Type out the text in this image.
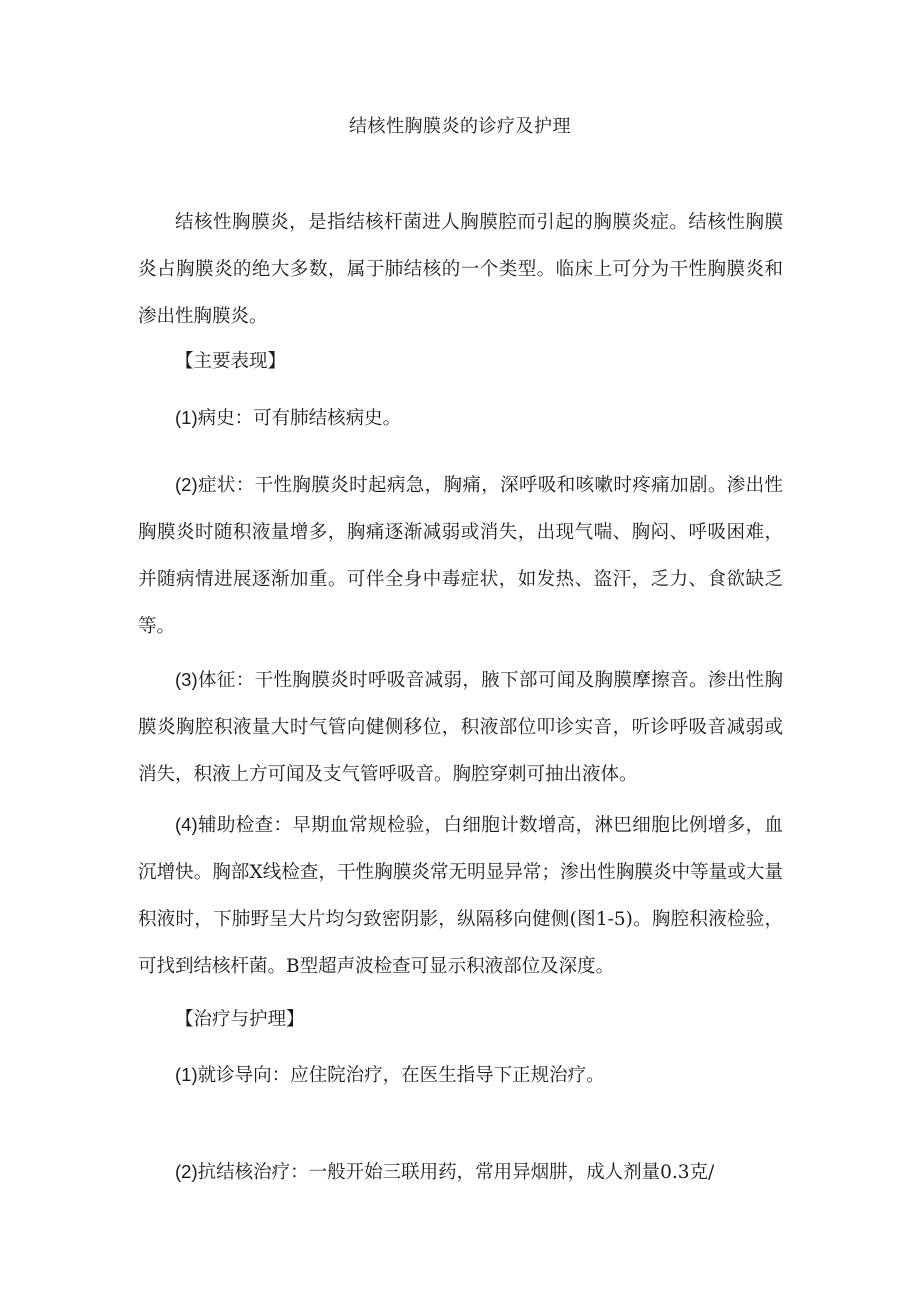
结核性胸膜炎的诊疗及护理

结核性胸膜炎，是指结核杆菌进人胸膜腔而引起的胸膜炎症。结核性胸膜炎占胸膜炎的绝大多数，属于肺结核的一个类型。临床上可分为干性胸膜炎和渗出性胸膜炎。

【主要表现】

(1)病史：可有肺结核病史。

(2)症状：干性胸膜炎时起病急，胸痛，深呼吸和咳嗽时疼痛加剧。渗出性胸膜炎时随积液量增多，胸痛逐渐减弱或消失，出现气喘、胸闷、呼吸困难，并随病情进展逐渐加重。可伴全身中毒症状，如发热、盗汗，乏力、食欲缺乏等。

(3)体征：干性胸膜炎时呼吸音减弱，腋下部可闻及胸膜摩擦音。渗出性胸膜炎胸腔积液量大时气管向健侧移位，积液部位叩诊实音，听诊呼吸音减弱或消失，积液上方可闻及支气管呼吸音。胸腔穿刺可抽出液体。

(4)辅助检查：早期血常规检验，白细胞计数增高，淋巴细胞比例增多，血沉增快。胸部X线检查，干性胸膜炎常无明显异常；渗出性胸膜炎中等量或大量积液时，下肺野呈大片均匀致密阴影，纵隔移向健侧(图1-5)。胸腔积液检验，可找到结核杆菌。B型超声波检查可显示积液部位及深度。

【治疗与护理】

(1)就诊导向：应住院治疗，在医生指导下正规治疗。

(2)抗结核治疗：一般开始三联用药，常用异烟肼，成人剂量0.3克/
